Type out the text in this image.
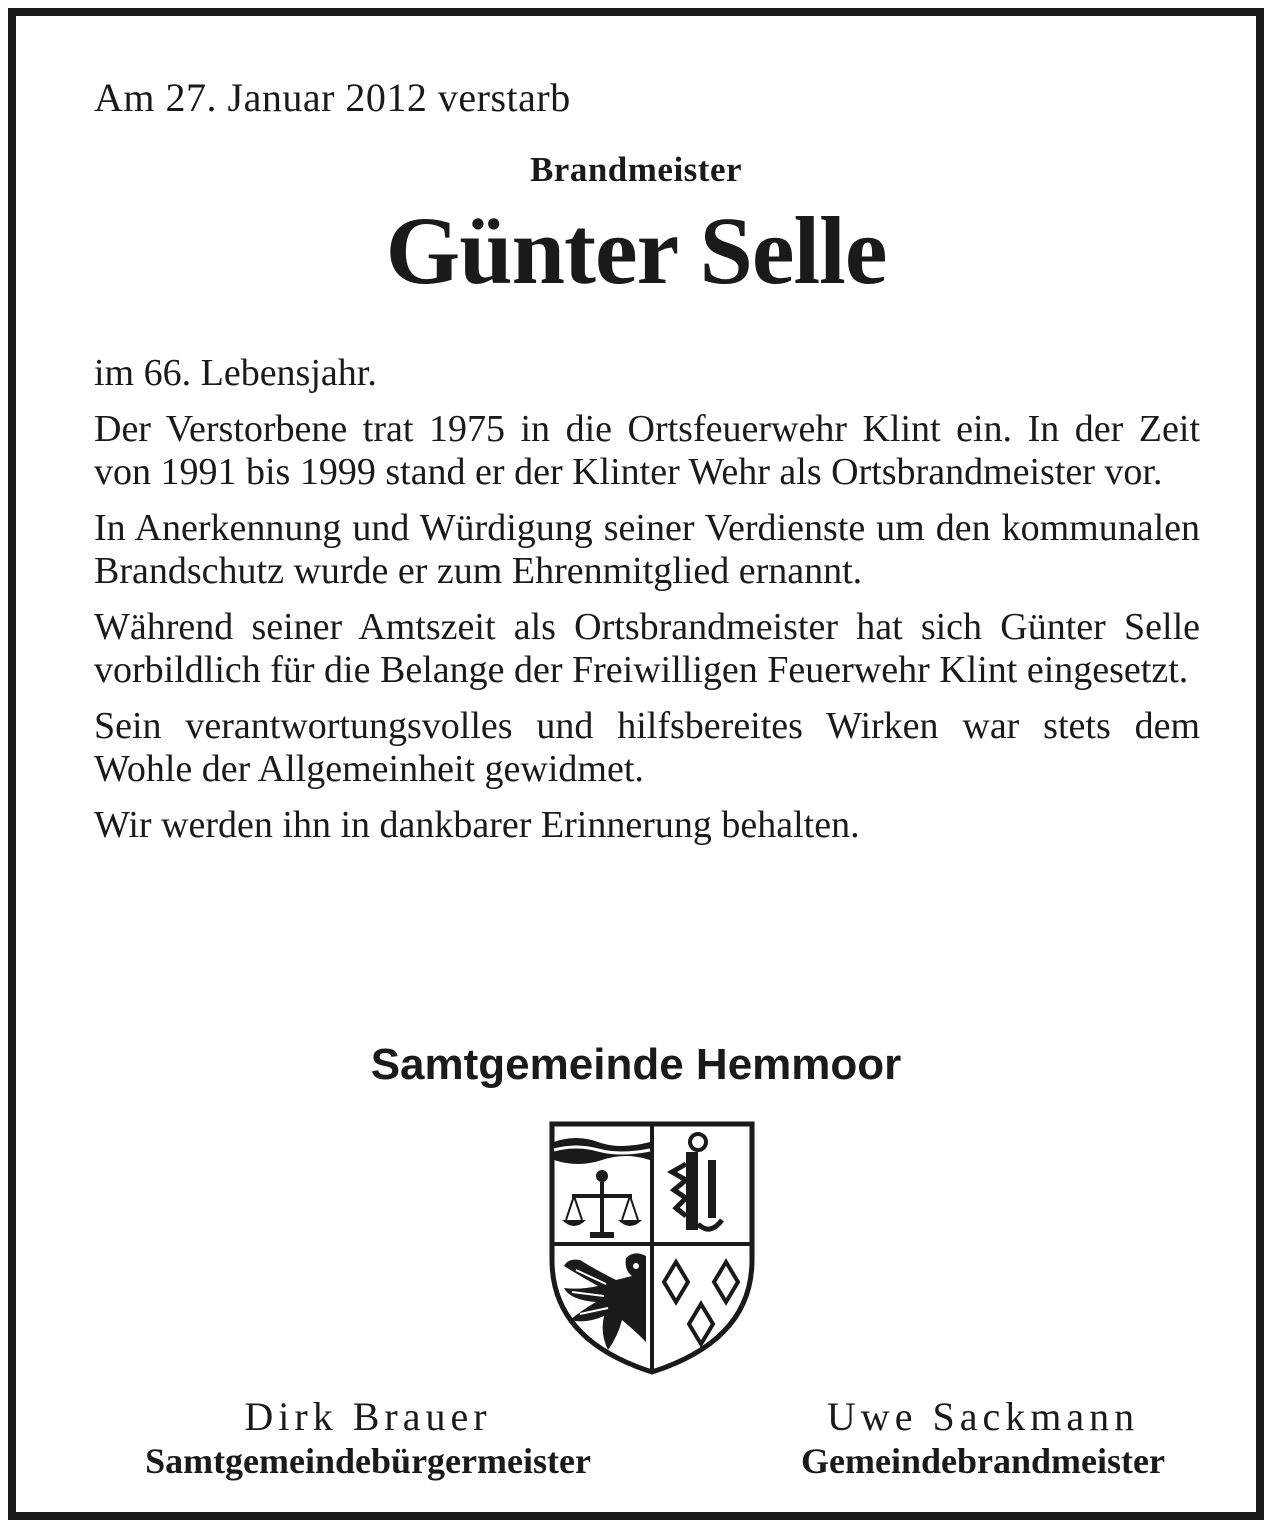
Am 27. Januar 2012 verstarb
Brandmeister
Günter Selle

im 66. Lebensjahr.

Der Verstorbene trat 1975 in die Ortsfeuerwehr Klint ein. In der Zeit von 1991 bis 1999 stand er der Klinter Wehr als Ortsbrandmeister vor.

In Anerkennung und Würdigung seiner Verdienste um den kommunalen Brandschutz wurde er zum Ehrenmitglied ernannt.

Während seiner Amtszeit als Ortsbrandmeister hat sich Günter Selle vorbildlich für die Belange der Freiwilligen Feuerwehr Klint eingesetzt.

Sein verantwortungsvolles und hilfsbereites Wirken war stets dem Wohle der Allgemeinheit gewidmet.

Wir werden ihn in dankbarer Erinnerung behalten.

Samtgemeinde Hemmoor
Dirk Brauer
Samtgemeindebürgermeister
Uwe Sackmann
Gemeindebrandmeister
